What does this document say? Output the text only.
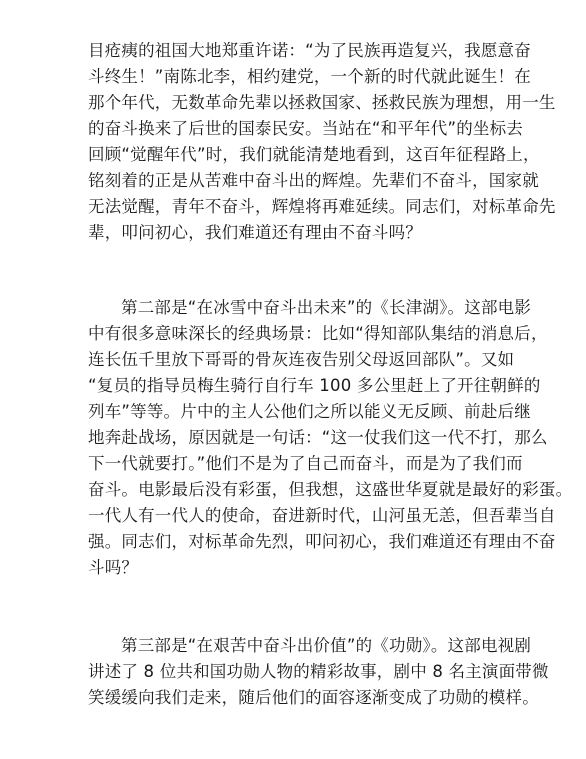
目疮痍的祖国大地郑重许诺：“为了民族再造复兴，我愿意奋
斗终生！”南陈北李，相约建党，一个新的时代就此诞生！在
那个年代，无数革命先辈以拯救国家、拯救民族为理想，用一生
的奋斗换来了后世的国泰民安。当站在“和平年代”的坐标去
回顾“觉醒年代”时，我们就能清楚地看到，这百年征程路上，
铭刻着的正是从苦难中奋斗出的辉煌。先辈们不奋斗，国家就
无法觉醒，青年不奋斗，辉煌将再难延续。同志们，对标革命先
辈，叩问初心，我们难道还有理由不奋斗吗？
第二部是“在冰雪中奋斗出未来”的《长津湖》。这部电影
中有很多意味深长的经典场景：比如“得知部队集结的消息后，
连长伍千里放下哥哥的骨灰连夜告别父母返回部队”。又如
“复员的指导员梅生骑行自行车 100 多公里赶上了开往朝鲜的
列车”等等。片中的主人公他们之所以能义无反顾、前赴后继
地奔赴战场，原因就是一句话：“这一仗我们这一代不打，那么
下一代就要打。”他们不是为了自己而奋斗，而是为了我们而
奋斗。电影最后没有彩蛋，但我想，这盛世华夏就是最好的彩蛋。
一代人有一代人的使命，奋进新时代，山河虽无恙，但吾辈当自
强。同志们，对标革命先烈，叩问初心，我们难道还有理由不奋
斗吗？
第三部是“在艰苦中奋斗出价值”的《功勋》。这部电视剧
讲述了 8 位共和国功勋人物的精彩故事，剧中 8 名主演面带微
笑缓缓向我们走来，随后他们的面容逐渐变成了功勋的模样。
